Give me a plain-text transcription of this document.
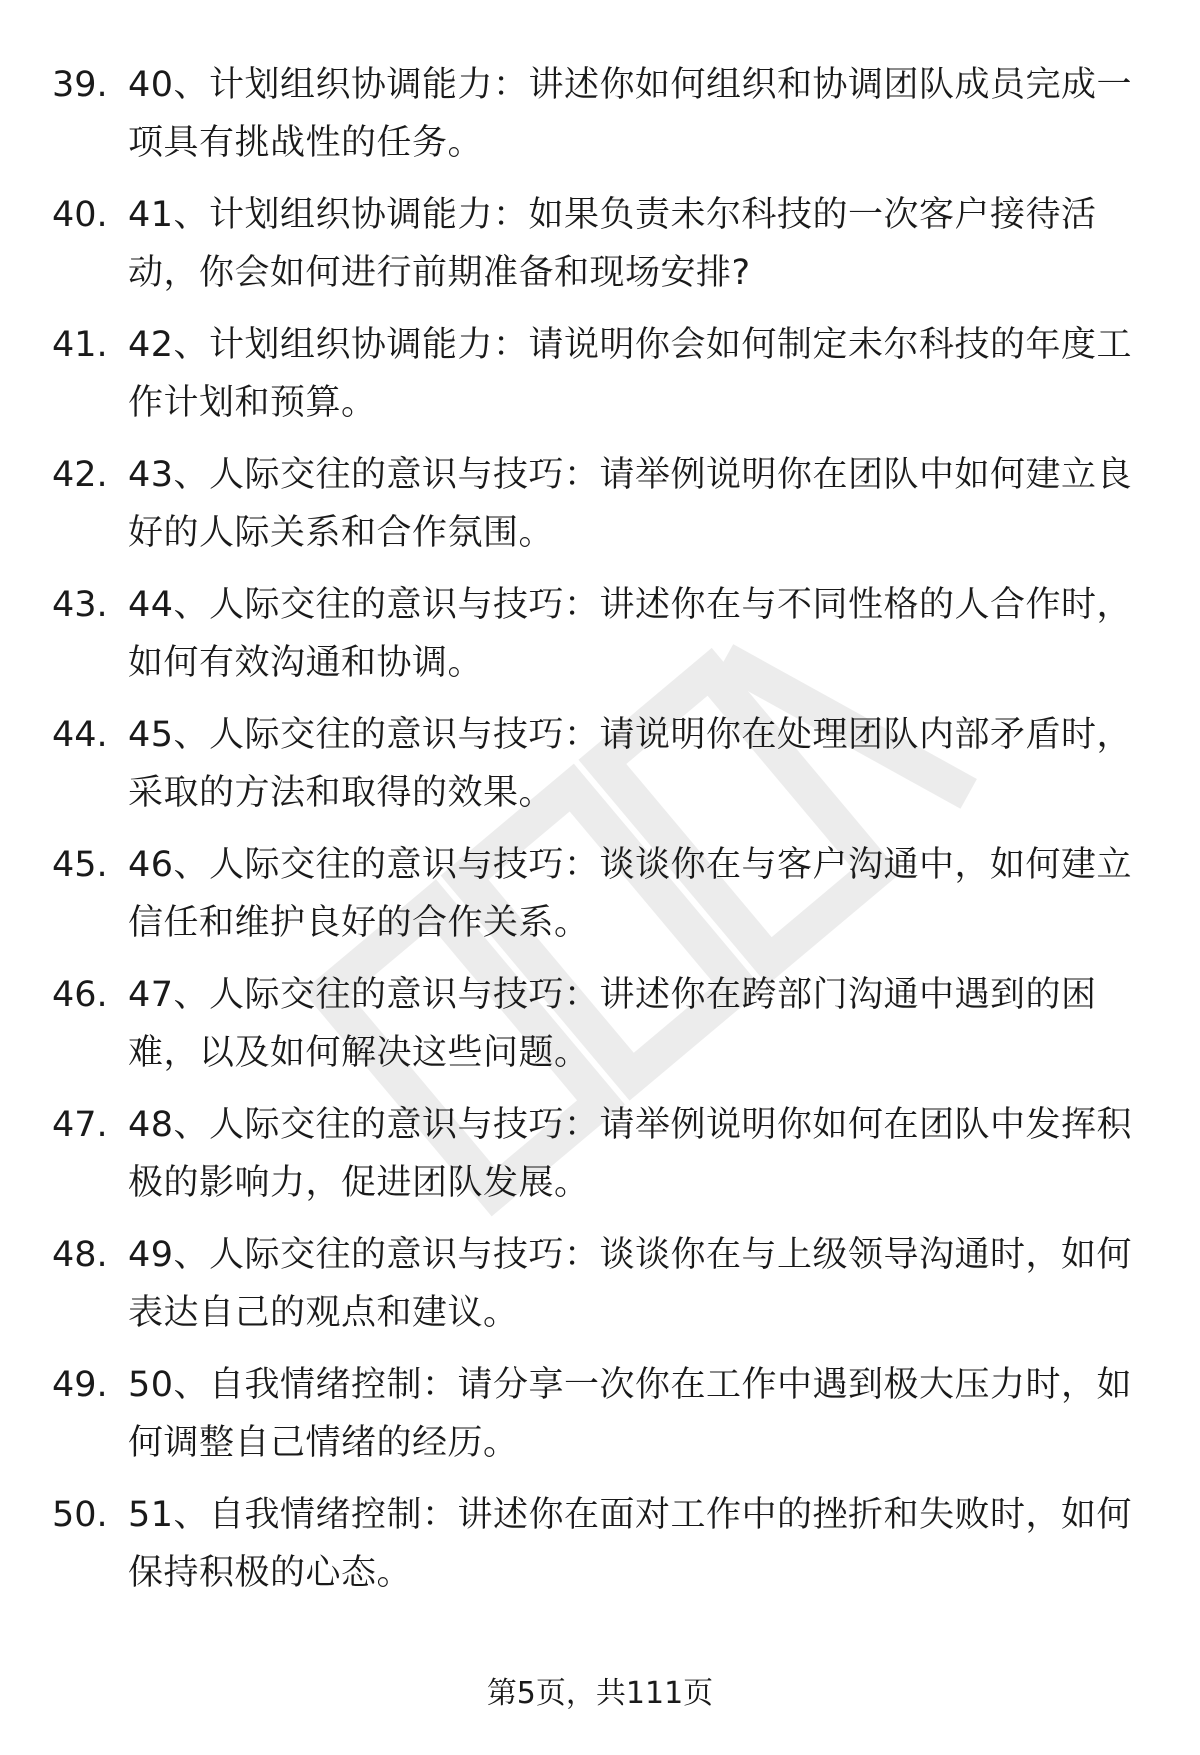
39. 40、计划组织协调能力：讲述你如何组织和协调团队成员完成一项具有挑战性的任务。
40. 41、计划组织协调能力：如果负责未尔科技的一次客户接待活动，你会如何进行前期准备和现场安排?
41. 42、计划组织协调能力：请说明你会如何制定未尔科技的年度工作计划和预算。
42. 43、人际交往的意识与技巧：请举例说明你在团队中如何建立良好的人际关系和合作氛围。
43. 44、人际交往的意识与技巧：讲述你在与不同性格的人合作时，如何有效沟通和协调。
44. 45、人际交往的意识与技巧：请说明你在处理团队内部矛盾时，采取的方法和取得的效果。
45. 46、人际交往的意识与技巧：谈谈你在与客户沟通中，如何建立信任和维护良好的合作关系。
46. 47、人际交往的意识与技巧：讲述你在跨部门沟通中遇到的困难，以及如何解决这些问题。
47. 48、人际交往的意识与技巧：请举例说明你如何在团队中发挥积极的影响力，促进团队发展。
48. 49、人际交往的意识与技巧：谈谈你在与上级领导沟通时，如何表达自己的观点和建议。
49. 50、自我情绪控制：请分享一次你在工作中遇到极大压力时，如何调整自己情绪的经历。
50. 51、自我情绪控制：讲述你在面对工作中的挫折和失败时，如何保持积极的心态。
第5页，共111页
